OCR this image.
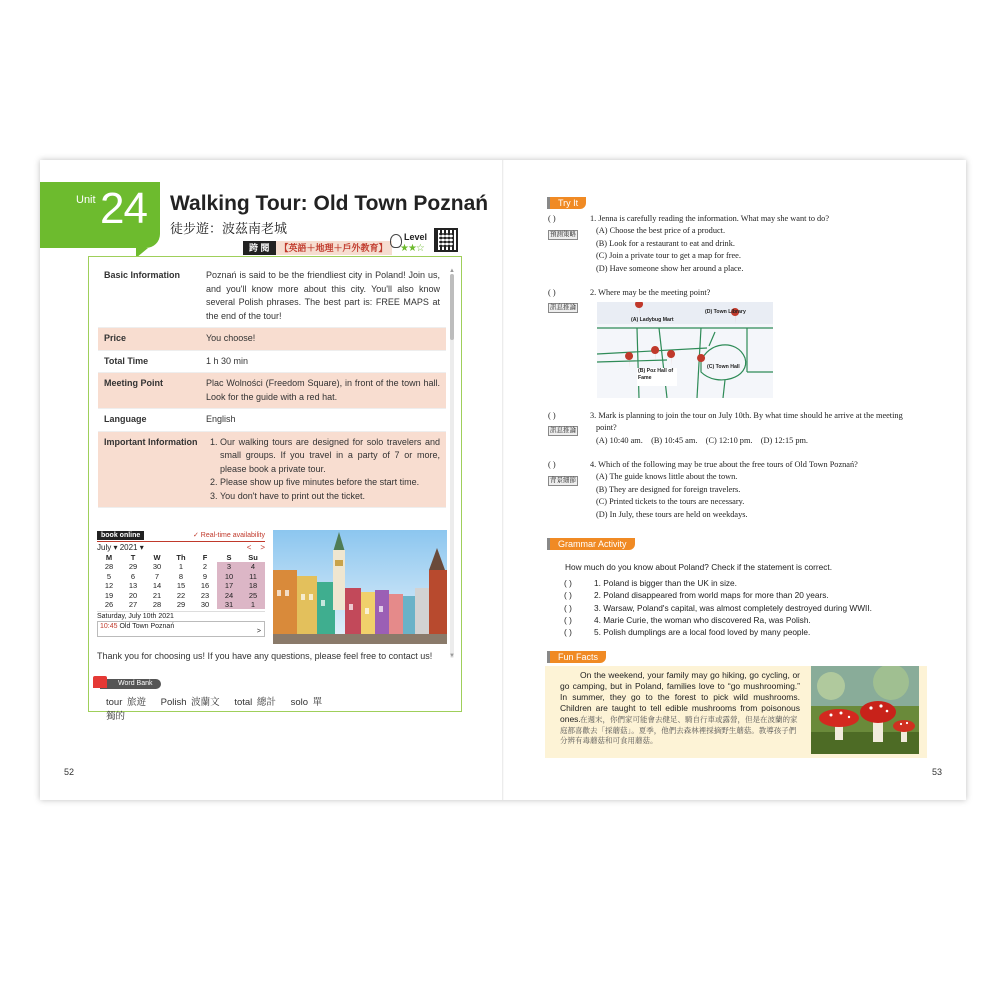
Unit 24 Walking Tour: Old Town Poznań
徒步遊：波茲南老城
跨 閱	【英語＋地理＋戶外教育】
Level
★★☆
Basic Information	Poznań is said to be the friendliest city in Poland! Join us, and you'll know more about this city. You'll also know several Polish phrases. The best part is: FREE MAPS at the end of the tour!
Price	You choose!
Total Time	1 h 30 min
Meeting Point	Plac Wolności (Freedom Square), in front of the town hall. Look for the guide with a red hat.
Language	English
Important Information
1.	Our walking tours are designed for solo travelers and small groups. If you travel in a party of 7 or more, please book a private tour.
2. Please show up five minutes before the start time.
3. You don't have to print out the ticket.
▲
▼
book online	✓ Real-time availability
July ▾ 2021 ▾	<    >
M	T	W	Th	F	S	Su
28	29	30	1	2	3	4
5	6	7	8	9	10	11
12	13	14	15	16	17	18
19	20	21	22	23	24	25
26	27	28	29	30	31	1
Saturday, July 10th 2021
10:45 Old Town Poznań
>
Thank you for choosing us! If you have any questions, please feel free to contact us!
Word Bank
tour 旅遊 Polish 波蘭文 total 總計 solo 單獨的
52
Try It
( )	1. Jenna is carefully reading the information. What may she want to do?
(A) Choose the best price of a product.
(B) Look for a restaurant to eat and drink.
(C) Join a private tour to get a map for free.
(D) Have someone show her around a place.
預測策略
( )	2. Where may be the meeting point?
訊息推論
(A) Ladybug Mart
(D) Town Library
(C) Town Hall
(B) Poz Hall of Fame
( )	3. Mark is planning to join the tour on July 10th. By what time should he arrive at the meeting
point?
(A) 10:40 am.    (B) 10:45 am.    (C) 12:10 pm.    (D) 12:15 pm.
訊息推論
( )	4. Which of the following may be true about the free tours of Old Town Poznań?
(A) The guide knows little about the town.
(B) They are designed for foreign travelers.
(C) Printed tickets to the tours are necessary.
(D) In July, these tours are held on weekdays.
背景細節
Grammar Activity
How much do you know about Poland? Check if the statement is correct.
( )	1. Poland is bigger than the UK in size.
( )	2. Poland disappeared from world maps for more than 20 years.
( )	3. Warsaw, Poland's capital, was almost completely destroyed during WWII.
( )	4. Marie Curie, the woman who discovered Ra, was Polish.
( )	5. Polish dumplings are a local food loved by many people.
Fun Facts
On the weekend, your family may go hiking, go cycling, or go camping, but in Poland, families love to “go mushrooming.” In summer, they go to the forest to pick wild mushrooms. Children are taught to tell edible mushrooms from poisonous ones. 在週末，你們家可能會去健足、騎自行車或露營，但是在波蘭的家庭都喜歡去「採蘑菇」。夏季，他們去森林裡採摘野生蘑菇。教導孩子們分辨有毒蘑菇和可食用蘑菇。
53
